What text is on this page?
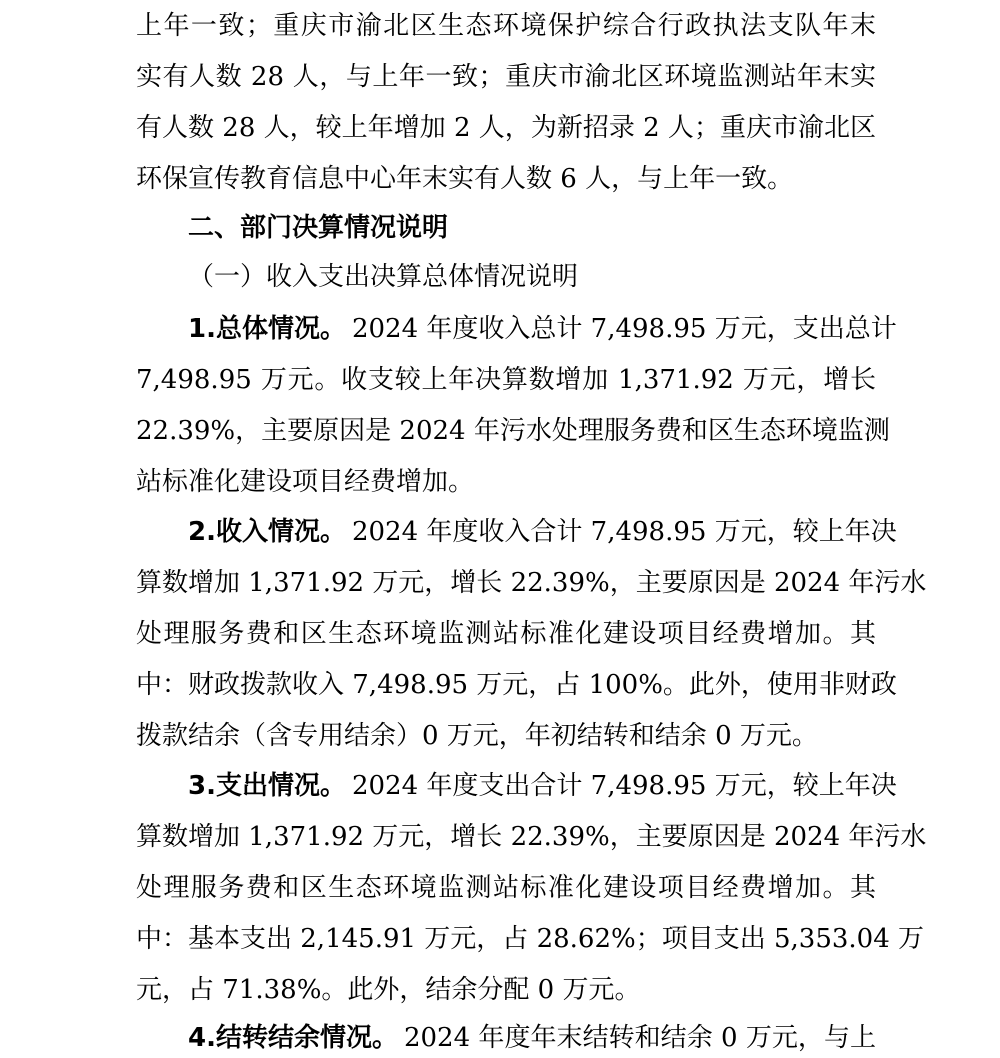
上年一致；重庆市渝北区生态环境保护综合行政执法支队年末
实有人数 28 人，与上年一致；重庆市渝北区环境监测站年末实
有人数 28 人，较上年增加 2 人，为新招录 2 人；重庆市渝北区
环保宣传教育信息中心年末实有人数 6 人，与上年一致。
二、部门决算情况说明
（一）收入支出决算总体情况说明
1.总体情况。 2024 年度收入总计 7,498.95 万元，支出总计
7,498.95 万元。收支较上年决算数增加 1,371.92 万元，增长
22.39%，主要原因是 2024 年污水处理服务费和区生态环境监测
站标准化建设项目经费增加。
2.收入情况。 2024 年度收入合计 7,498.95 万元，较上年决
算数增加 1,371.92 万元，增长 22.39%，主要原因是 2024 年污水
处理服务费和区生态环境监测站标准化建设项目经费增加。其
中：财政拨款收入 7,498.95 万元，占 100%。此外，使用非财政
拨款结余（含专用结余）0 万元，年初结转和结余 0 万元。
3.支出情况。 2024 年度支出合计 7,498.95 万元，较上年决
算数增加 1,371.92 万元，增长 22.39%，主要原因是 2024 年污水
处理服务费和区生态环境监测站标准化建设项目经费增加。其
中：基本支出 2,145.91 万元，占 28.62%；项目支出 5,353.04 万
元，占 71.38%。此外，结余分配 0 万元。
4.结转结余情况。 2024 年度年末结转和结余 0 万元，与上
